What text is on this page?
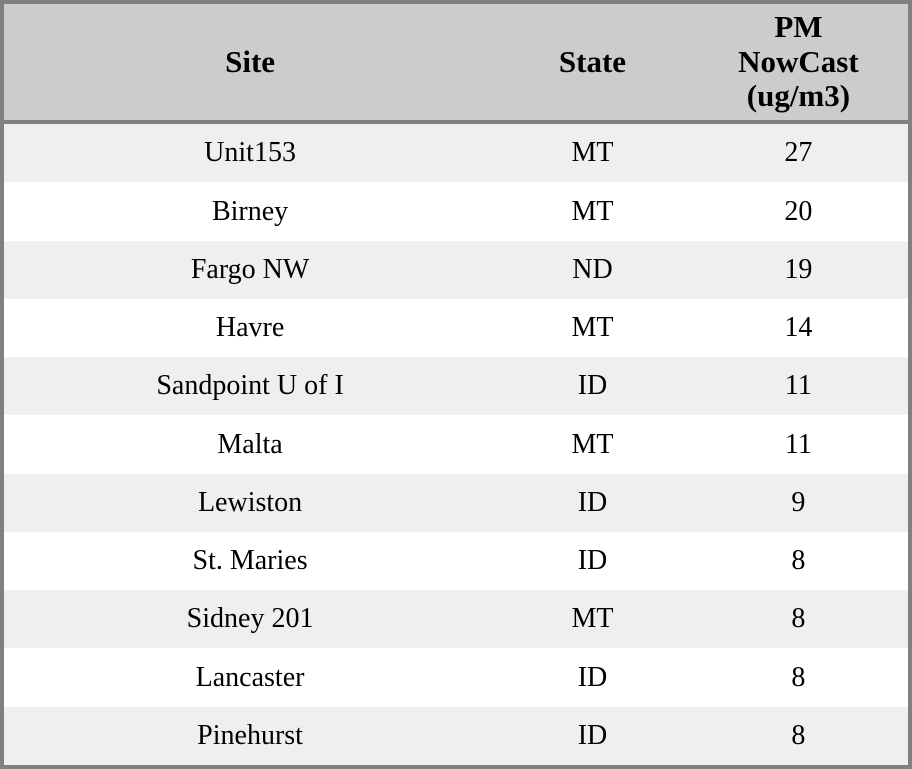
Site	State	PM
NowCast
(ug/m3)

Unit153	MT	27
Birney	MT	20
Fargo NW	ND	19
Havre	MT	14
Sandpoint U of I	ID	11
Malta	MT	11
Lewiston	ID	9
St. Maries	ID	8
Sidney 201	MT	8
Lancaster	ID	8
Pinehurst	ID	8
